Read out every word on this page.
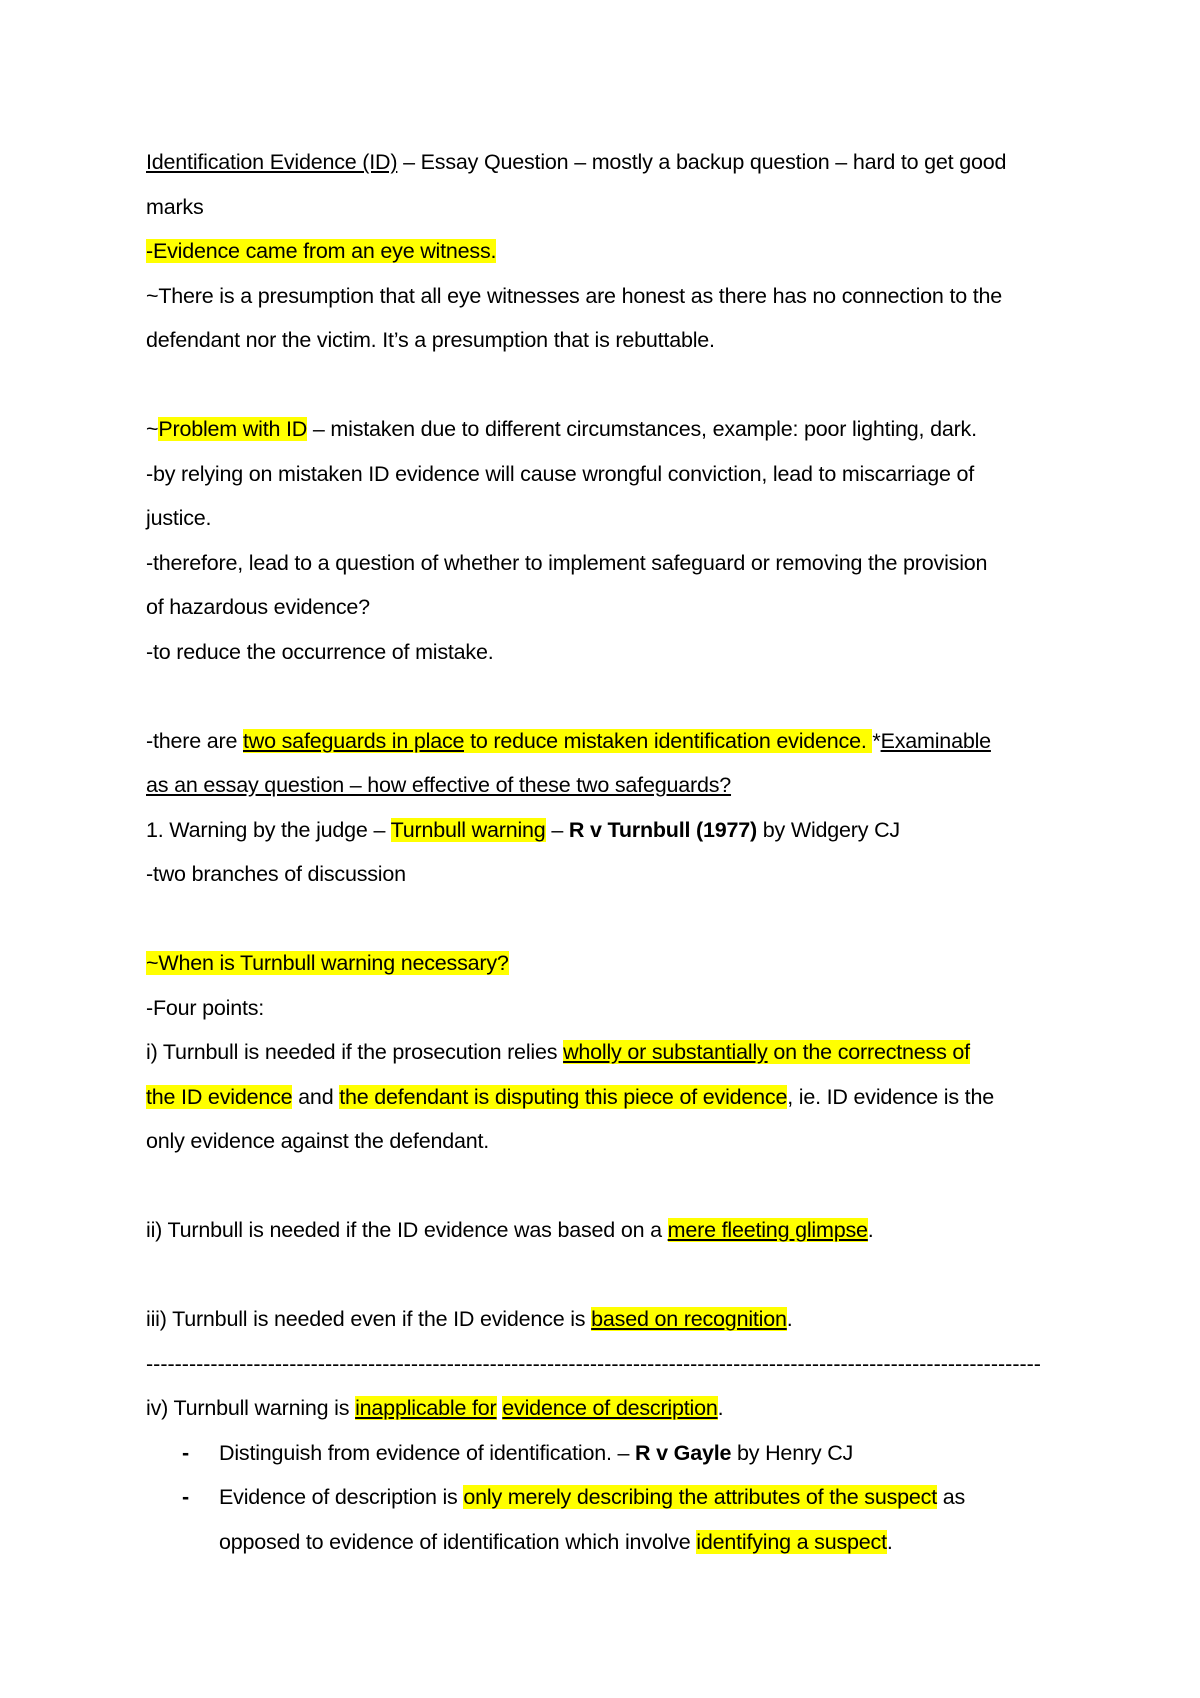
Identification Evidence (ID) – Essay Question – mostly a backup question – hard to get good
marks
-Evidence came from an eye witness.
~There is a presumption that all eye witnesses are honest as there has no connection to the
defendant nor the victim. It’s a presumption that is rebuttable.
~Problem with ID – mistaken due to different circumstances, example: poor lighting, dark.
-by relying on mistaken ID evidence will cause wrongful conviction, lead to miscarriage of
justice.
-therefore, lead to a question of whether to implement safeguard or removing the provision
of hazardous evidence?
-to reduce the occurrence of mistake.
-there are two safeguards in place to reduce mistaken identification evidence. *Examinable
as an essay question – how effective of these two safeguards?
1. Warning by the judge – Turnbull warning – R v Turnbull (1977) by Widgery CJ
-two branches of discussion
~When is Turnbull warning necessary?
-Four points:
i) Turnbull is needed if the prosecution relies wholly or substantially on the correctness of
the ID evidence and the defendant is disputing this piece of evidence, ie. ID evidence is the
only evidence against the defendant.
ii) Turnbull is needed if the ID evidence was based on a mere fleeting glimpse.
iii) Turnbull is needed even if the ID evidence is based on recognition.
-----------------------------------------------------------------------------------------------------------------------------
iv) Turnbull warning is inapplicable for evidence of description.
- Distinguish from evidence of identification. – R v Gayle by Henry CJ
- Evidence of description is only merely describing the attributes of the suspect as
opposed to evidence of identification which involve identifying a suspect.
